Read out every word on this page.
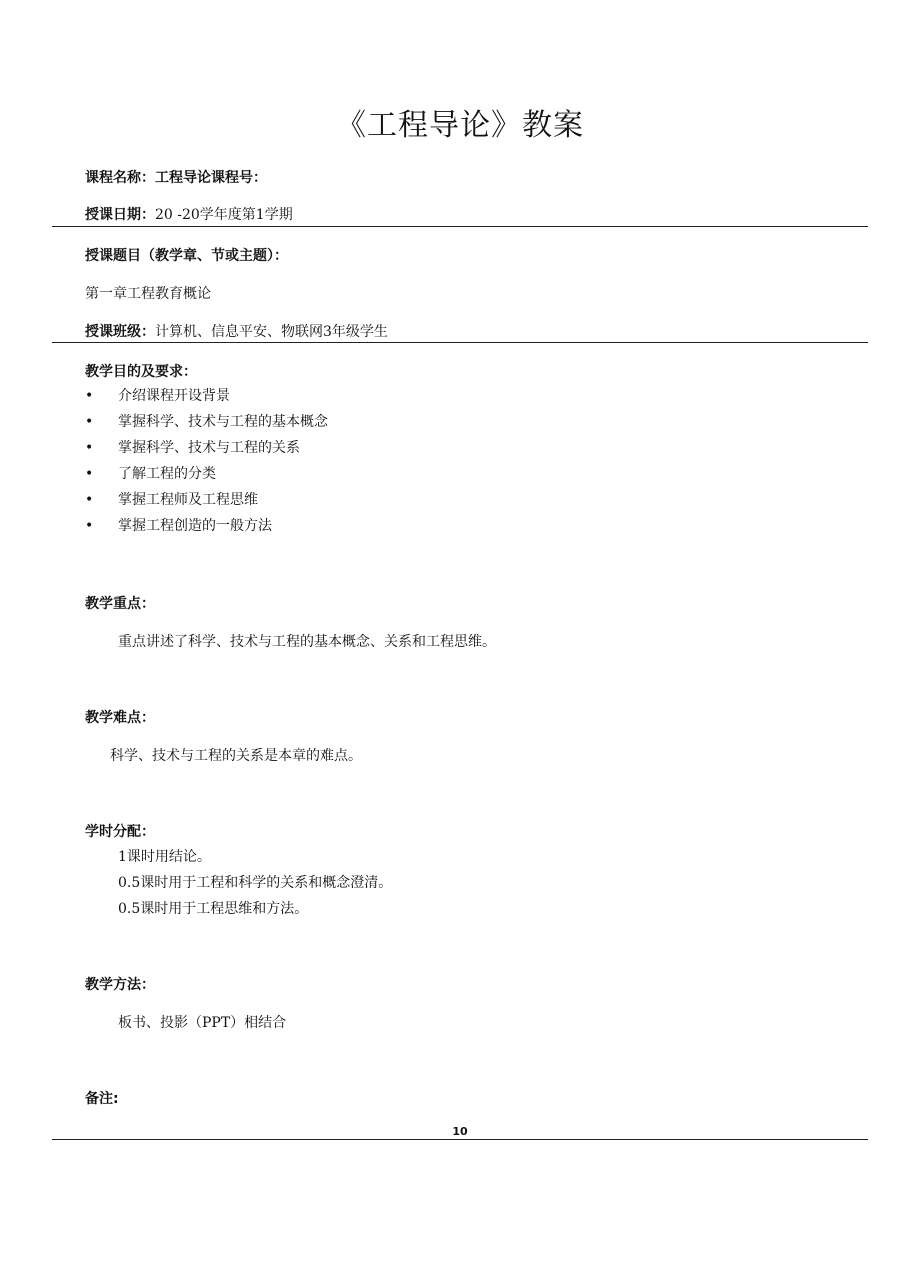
《工程导论》教案
课程名称：工程导论课程号：
授课日期：20 -20学年度第1学期
授课题目（教学章、节或主题）：
第一章工程教育概论
授课班级：计算机、信息平安、物联网3年级学生
教学目的及要求：
• 介绍课程开设背景
• 掌握科学、技术与工程的基本概念
• 掌握科学、技术与工程的关系
• 了解工程的分类
• 掌握工程师及工程思维
• 掌握工程创造的一般方法
教学重点：
重点讲述了科学、技术与工程的基本概念、关系和工程思维。
教学难点：
科学、技术与工程的关系是本章的难点。
学时分配：
1课时用结论。
0.5课时用于工程和科学的关系和概念澄清。
0.5课时用于工程思维和方法。
教学方法：
板书、投影（PPT）相结合
备注:
10
